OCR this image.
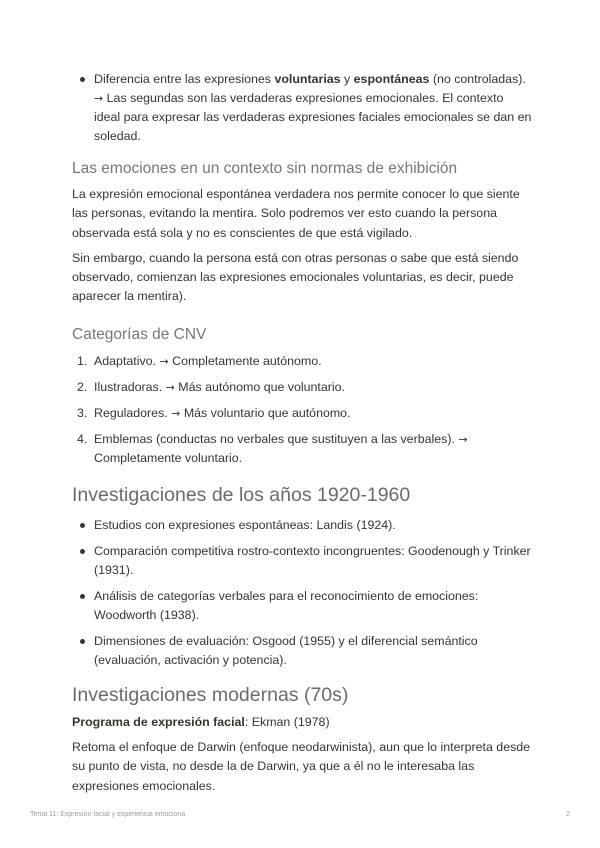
Diferencia entre las expresiones voluntarias y espontáneas (no controladas). → Las segundas son las verdaderas expresiones emocionales. El contexto ideal para expresar las verdaderas expresiones faciales emocionales se dan en soledad.
Las emociones en un contexto sin normas de exhibición

La expresión emocional espontánea verdadera nos permite conocer lo que siente las personas, evitando la mentira. Solo podremos ver esto cuando la persona observada está sola y no es conscientes de que está vigilado.

Sin embargo, cuando la persona está con otras personas o sabe que está siendo observado, comienzan las expresiones emocionales voluntarias, es decir, puede aparecer la mentira).

Categorías de CNV
1. Adaptativo. → Completamente autónomo.
2. Ilustradoras. → Más autónomo que voluntario.
3. Reguladores. → Más voluntario que autónomo.
4. Emblemas (conductas no verbales que sustituyen a las verbales). → Completamente voluntario.
Investigaciones de los años 1920-1960
Estudios con expresiones espontáneas: Landis (1924).
Comparación competitiva rostro-contexto incongruentes: Goodenough y Trinker (1931).
Análisis de categorías verbales para el reconocimiento de emociones: Woodworth (1938).
Dimensiones de evaluación: Osgood (1955) y el diferencial semántico (evaluación, activación y potencia).
Investigaciones modernas (70s)

Programa de expresión facial: Ekman (1978)

Retoma el enfoque de Darwin (enfoque neodarwinista), aun que lo interpreta desde su punto de vista, no desde la de Darwin, ya que a él no le interesaba las expresiones emocionales.

Tema 11: Expresión facial y experiencia emociona	2
